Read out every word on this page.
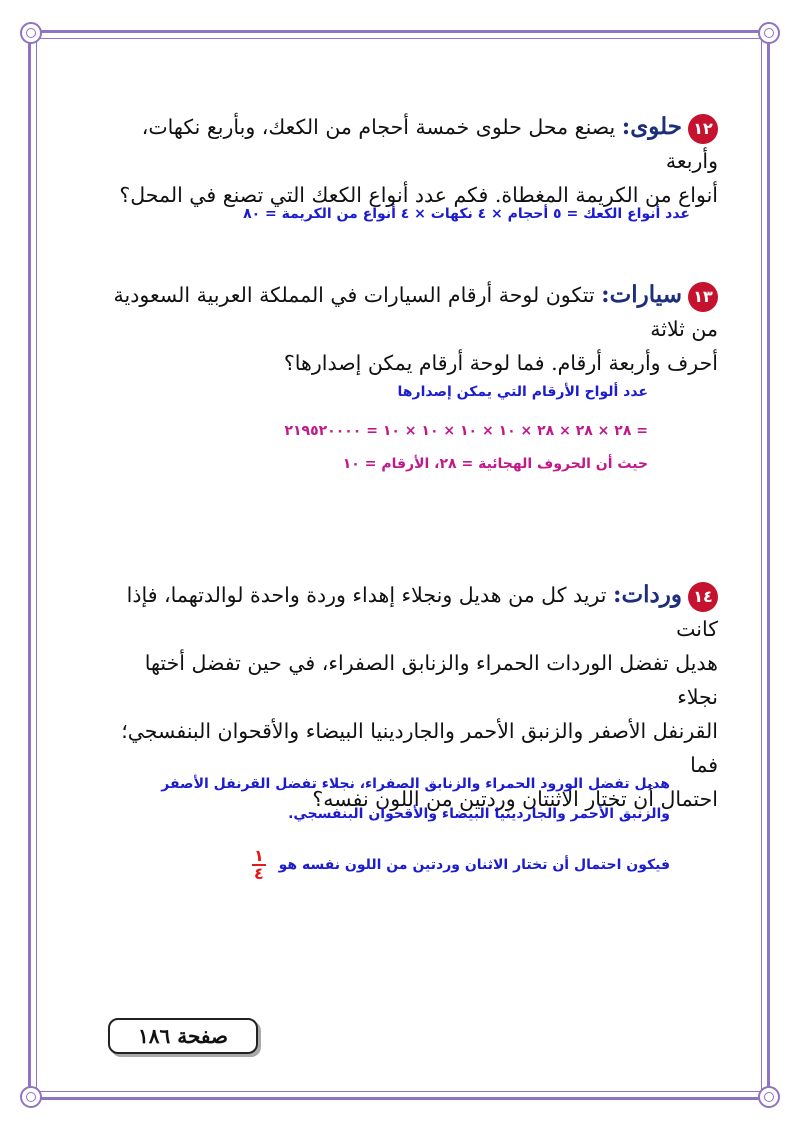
١٢حلوى: يصنع محل حلوى خمسة أحجام من الكعك، وبأربع نكهات، وأربعة
أنواع من الكريمة المغطاة. فكم عدد أنواع الكعك التي تصنع في المحل؟
عدد أنواع الكعك = ٥ أحجام × ٤ نكهات × ٤ أنواع من الكريمة = ٨٠
١٣سيارات: تتكون لوحة أرقام السيارات في المملكة العربية السعودية من ثلاثة
أحرف وأربعة أرقام. فما لوحة أرقام يمكن إصدارها؟
عدد ألواح الأرقام التي يمكن إصدارها
= ٢٨ × ٢٨ × ٢٨ × ١٠ × ١٠ × ١٠ × ١٠ = ٢١٩٥٢٠٠٠٠
حيث أن الحروف الهجائية = ٢٨، الأرقام = ١٠
١٤وردات: تريد كل من هديل ونجلاء إهداء وردة واحدة لوالدتهما، فإذا كانت
هديل تفضل الوردات الحمراء والزنابق الصفراء، في حين تفضل أختها نجلاء
القرنفل الأصفر والزنبق الأحمر والجاردينيا البيضاء والأقحوان البنفسجي؛ فما
احتمال أن تختار الاثنتان وردتين من اللون نفسه؟
هديل تفضل الورود الحمراء والزنابق الصفراء، نجلاء تفضل القرنفل الأصفر
والزنبق الأحمر والجاردينيا البيضاء والأقحوان البنفسجي.
فيكون احتمال أن تختار الاثنان وردتين من اللون نفسه هو
$\frac{١}{٤}$
صفحة ١٨٦
